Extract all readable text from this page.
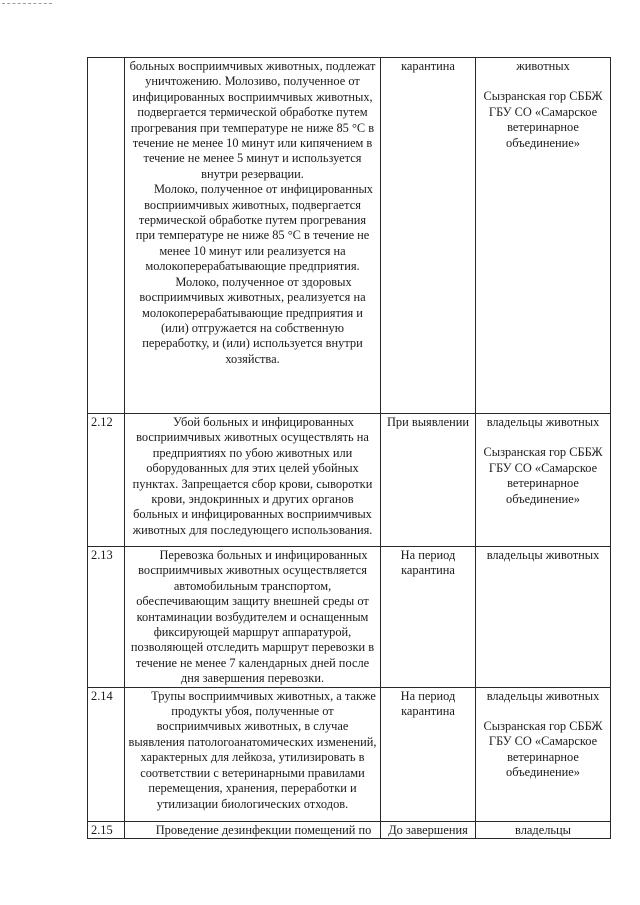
	больных восприимчивых животных, подлежат уничтожению. Молозиво, полученное от инфицированных восприимчивых животных, подвергается термической обработке путем прогревания при температуре не ниже 85 °С в течение не менее 10 минут или кипячением в течение не менее 5 минут и используется внутри резервации.
Молоко, полученное от инфицированных восприимчивых животных, подвергается термической обработке путем прогревания при температуре не ниже 85 °С в течение не менее 10 минут или реализуется на молокоперерабатывающие предприятия.
Молоко, полученное от здоровых восприимчивых животных, реализуется на молокоперерабатывающие предприятия и (или) отгружается на собственную переработку, и (или) используется внутри хозяйства.	карантина	животных
Сызранская гор СББЖ ГБУ СО «Самарское ветеринарное объединение»

2.12	Убой больных и инфицированных восприимчивых животных осуществлять на предприятиях по убою животных или оборудованных для этих целей убойных пунктах. Запрещается сбор крови, сыворотки крови, эндокринных и других органов больных и инфицированных восприимчивых животных для последующего использования.	При выявлении	владельцы животных
Сызранская гор СББЖ ГБУ СО «Самарское ветеринарное объединение»

2.13	Перевозка больных и инфицированных восприимчивых животных осуществляется автомобильным транспортом, обеспечивающим защиту внешней среды от контаминации возбудителем и оснащенным фиксирующей маршрут аппаратурой, позволяющей отследить маршрут перевозки в течение не менее 7 календарных дней после дня завершения перевозки.	На период карантина	владельцы животных

2.14	Трупы восприимчивых животных, а также продукты убоя, полученные от восприимчивых животных, в случае выявления патологоанатомических изменений, характерных для лейкоза, утилизировать в соответствии с ветеринарными правилами перемещения, хранения, переработки и утилизации биологических отходов.	На период карантина	владельцы животных
Сызранская гор СББЖ ГБУ СО «Самарское ветеринарное объединение»

2.15	Проведение дезинфекции помещений по	До завершения	владельцы
